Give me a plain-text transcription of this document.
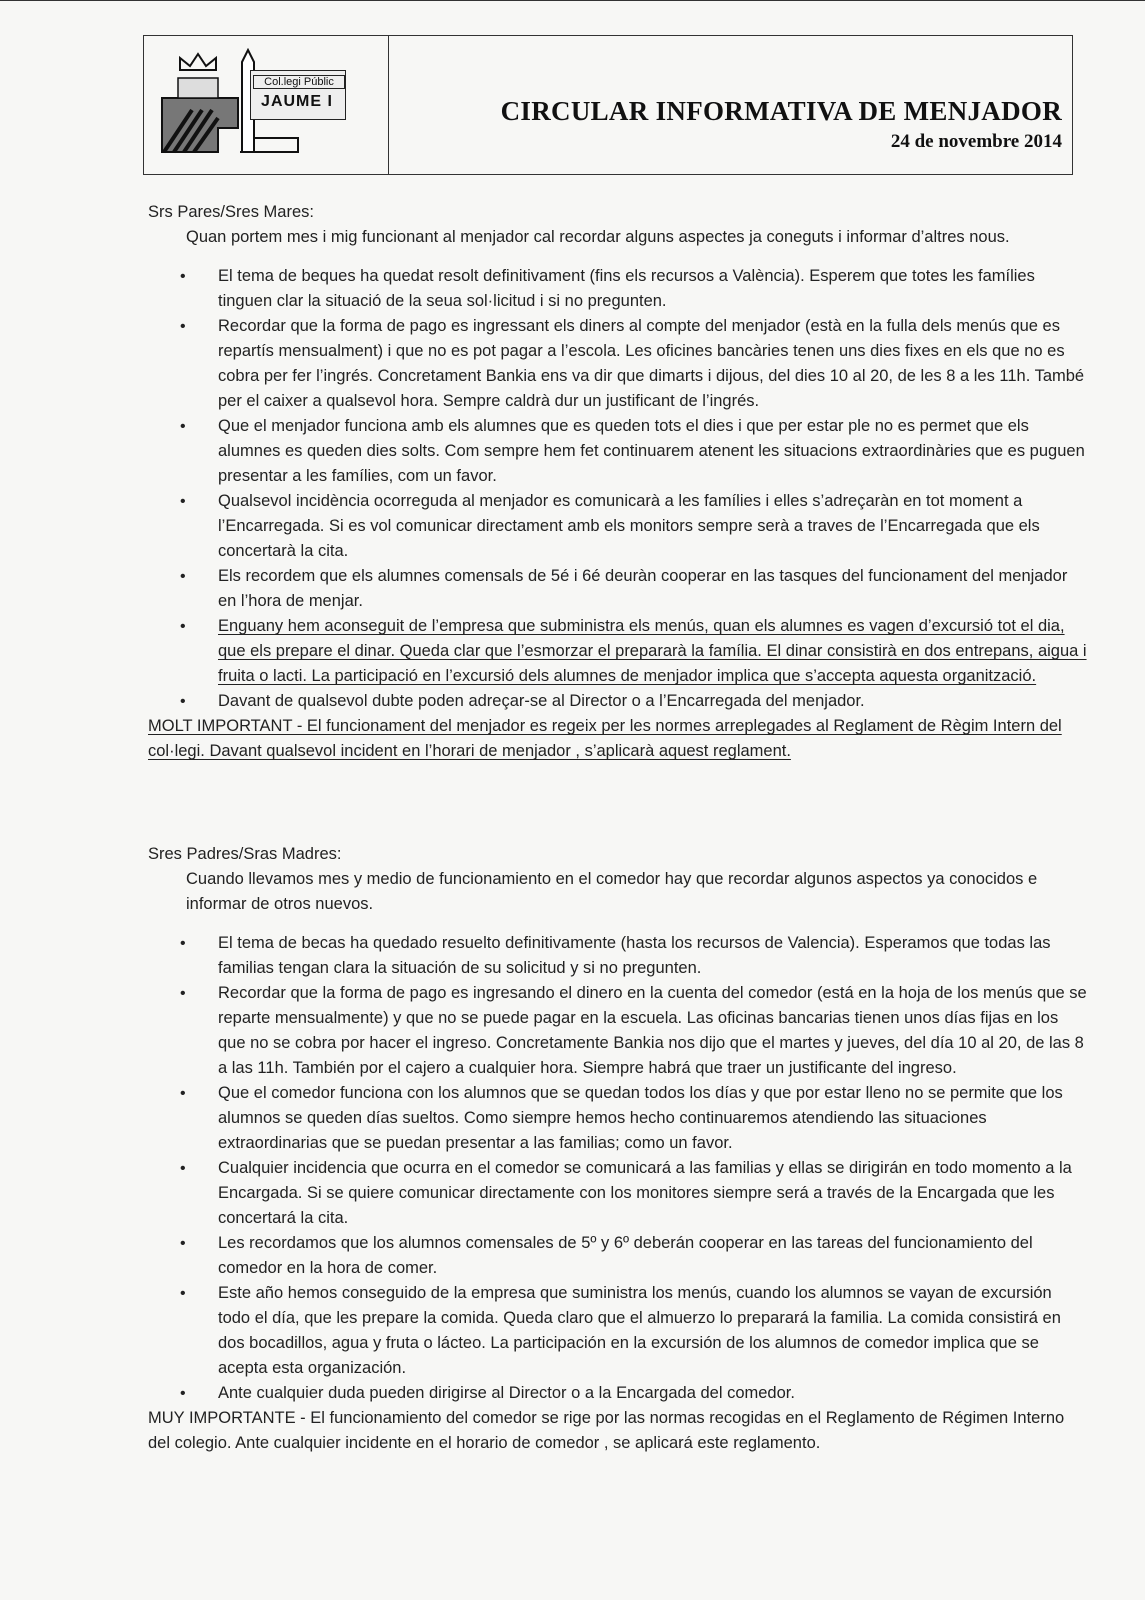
Col.legi Públic
JAUME I	CIRCULAR INFORMATIVA DE MENJADOR
24 de novembre 2014

Srs Pares/Sres Mares:

Quan portem mes i mig funcionant al menjador cal recordar alguns aspectes ja coneguts i informar d’altres nous.

• El tema de beques ha quedat resolt definitivament (fins els recursos a València). Esperem que totes les famílies tinguen clar la situació de la seua sol·licitud i si no pregunten.
• Recordar que la forma de pago es ingressant els diners al compte del menjador (està en la fulla dels menús que es repartís mensualment) i que no es pot pagar a l’escola. Les oficines bancàries tenen uns dies fixes en els que no es cobra per fer l’ingrés. Concretament Bankia ens va dir que dimarts i dijous, del dies 10 al 20, de les 8 a les 11h. També per el caixer a qualsevol hora. Sempre caldrà dur un justificant de l’ingrés.
• Que el menjador funciona amb els alumnes que es queden tots el dies i que per estar ple no es permet que els alumnes es queden dies solts. Com sempre hem fet continuarem atenent les situacions extraordinàries que es puguen presentar a les famílies, com un favor.
• Qualsevol incidència ocorreguda al menjador es comunicarà a les famílies i elles s’adreçaràn en tot moment a l’Encarregada. Si es vol comunicar directament amb els monitors sempre serà a traves de l’Encarregada que els concertarà la cita.
• Els recordem que els alumnes comensals de 5é i 6é deuràn cooperar en las tasques del funcionament del menjador en l’hora de menjar.
• Enguany hem aconseguit de l’empresa que subministra els menús, quan els alumnes es vagen d’excursió tot el dia, que els prepare el dinar. Queda clar que l’esmorzar el prepararà la família. El dinar consistirà en dos entrepans, aigua i fruita o lacti. La participació en l’excursió dels alumnes de menjador implica que s’accepta aquesta organització.
• Davant de qualsevol dubte poden adreçar-se al Director o a l’Encarregada del menjador.

MOLT IMPORTANT - El funcionament del menjador es regeix per les normes arreplegades al Reglament de Règim Intern del col·legi. Davant qualsevol incident en l’horari de menjador , s’aplicarà aquest reglament.

Sres Padres/Sras Madres:

Cuando llevamos mes y medio de funcionamiento en el comedor hay que recordar algunos aspectos ya conocidos e informar de otros nuevos.

• El tema de becas ha quedado resuelto definitivamente (hasta los recursos de Valencia). Esperamos que todas las familias tengan clara la situación de su solicitud y si no pregunten.
• Recordar que la forma de pago es ingresando el dinero en la cuenta del comedor (está en la hoja de los menús que se reparte mensualmente) y que no se puede pagar en la escuela. Las oficinas bancarias tienen unos días fijas en los que no se cobra por hacer el ingreso. Concretamente Bankia nos dijo que el martes y jueves, del día 10 al 20, de las 8 a las 11h. También por el cajero a cualquier hora. Siempre habrá que traer un justificante del ingreso.
• Que el comedor funciona con los alumnos que se quedan todos los días y que por estar lleno no se permite que los alumnos se queden días sueltos. Como siempre hemos hecho continuaremos atendiendo las situaciones extraordinarias que se puedan presentar a las familias; como un favor.
• Cualquier incidencia que ocurra en el comedor se comunicará a las familias y ellas se dirigirán en todo momento a la Encargada. Si se quiere comunicar directamente con los monitores siempre será a través de la Encargada que les concertará la cita.
• Les recordamos que los alumnos comensales de 5º y 6º deberán cooperar en las tareas del funcionamiento del comedor en la hora de comer.
• Este año hemos conseguido de la empresa que suministra los menús, cuando los alumnos se vayan de excursión todo el día, que les prepare la comida. Queda claro que el almuerzo lo preparará la familia. La comida consistirá en dos bocadillos, agua y fruta o lácteo. La participación en la excursión de los alumnos de comedor implica que se acepta esta organización.
• Ante cualquier duda pueden dirigirse al Director o a la Encargada del comedor.

MUY IMPORTANTE - El funcionamiento del comedor se rige por las normas recogidas en el Reglamento de Régimen Interno del colegio. Ante cualquier incidente en el horario de comedor , se aplicará este reglamento.
